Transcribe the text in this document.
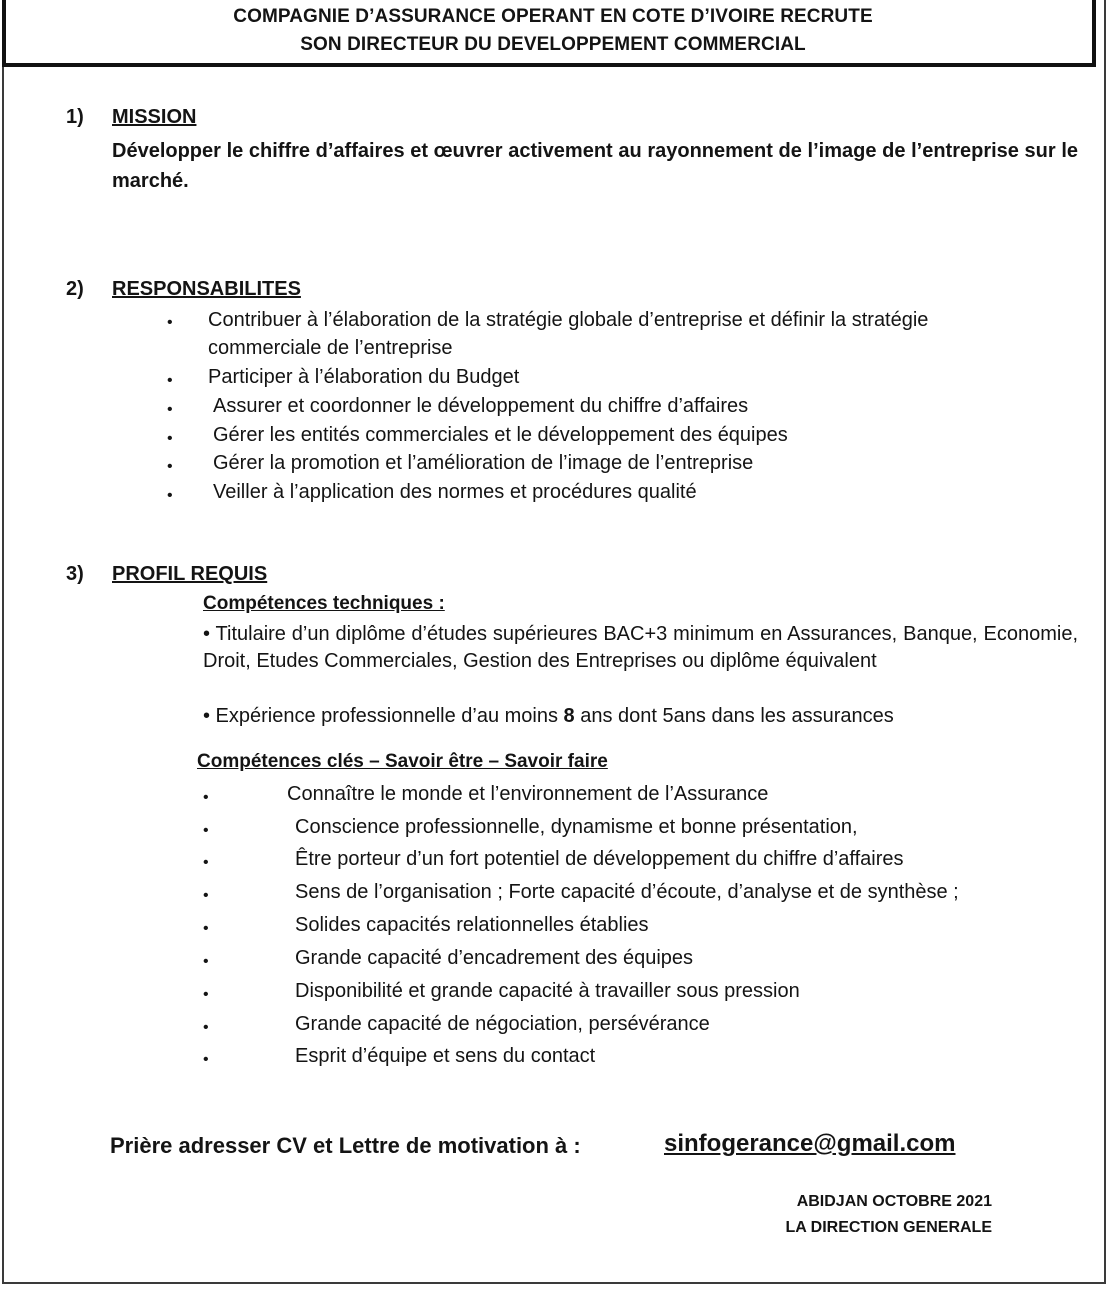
COMPAGNIE D’ASSURANCE OPERANT EN COTE D’IVOIRE RECRUTE
SON DIRECTEUR DU DEVELOPPEMENT COMMERCIAL
1) MISSION
Développer le chiffre d’affaires et œuvrer activement au rayonnement de l’image de l’entreprise sur le marché.
2) RESPONSABILITES
• Contribuer à l’élaboration de la stratégie globale d’entreprise et définir la stratégie
commerciale de l’entreprise
• Participer à l’élaboration du Budget
• Assurer et coordonner le développement du chiffre d’affaires
• Gérer les entités commerciales et le développement des équipes
• Gérer la promotion et l’amélioration de l’image de l’entreprise
• Veiller à l’application des normes et procédures qualité
3) PROFIL REQUIS
Compétences techniques :
• Titulaire d’un diplôme d’études supérieures BAC+3 minimum en Assurances, Banque, Economie, Droit, Etudes Commerciales, Gestion des Entreprises ou diplôme équivalent
• Expérience professionnelle d’au moins 8 ans dont 5ans dans les assurances
Compétences clés – Savoir être – Savoir faire
•	Connaître le monde et l’environnement de l’Assurance
•	Conscience professionnelle, dynamisme et bonne présentation,
•	Être porteur d’un fort potentiel de développement du chiffre d’affaires
•	Sens de l’organisation ; Forte capacité d’écoute, d’analyse et de synthèse ;
•	Solides capacités relationnelles établies
•	Grande capacité d’encadrement des équipes
•	Disponibilité et grande capacité à travailler sous pression
•	Grande capacité de négociation, persévérance
•	Esprit d’équipe et sens du contact
Prière adresser CV et Lettre de motivation à :	sinfogerance@gmail.com
ABIDJAN OCTOBRE 2021
LA DIRECTION GENERALE
